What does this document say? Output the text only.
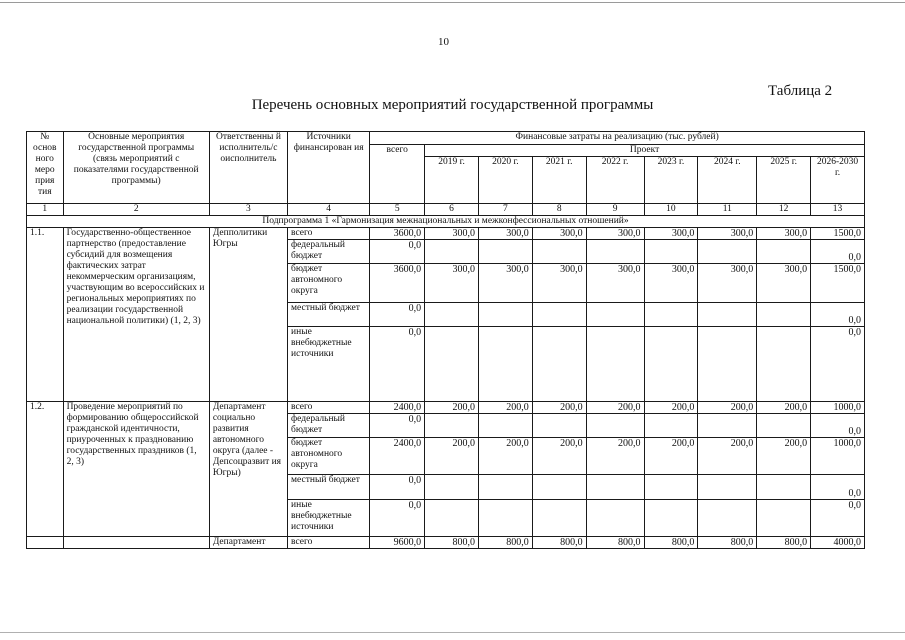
10
Таблица 2
Перечень основных мероприятий государственной программы
№ основ ного меро прия тия	Основные мероприятия государственной программы (связь мероприятий с показателями государственной программы)	Ответственны й исполнитель/с оисполнитель	Источники финансирован ия	Финансовые затраты на реализацию (тыс. рублей)								
				всего	Проект							
					2019 г.	2020 г.	2021 г.	2022 г.	2023 г.	2024 г.	2025 г.	2026-2030 г.
1	2	3	4	5	6	7	8	9	10	11	12	13
Подпрограмма 1 «Гармонизация межнациональных и межконфессиональных отношений»												
1.1.	Государственно-общественное партнерство (предоставление субсидий для возмещения фактических затрат некоммерческим организациям, участвующим во всероссийских и региональных мероприятиях по реализации государственной национальной политики) (1, 2, 3)	Депполитики Югры	всего	3600,0	300,0	300,0	300,0	300,0	300,0	300,0	300,0	1500,0
			федеральный бюджет	0,0								0,0
			бюджет автономного округа	3600,0	300,0	300,0	300,0	300,0	300,0	300,0	300,0	1500,0
			местный бюджет	0,0								0,0
			иные внебюджетные источники	0,0								0,0
1.2.	Проведение мероприятий по формированию общероссийской гражданской идентичности, приуроченных к празднованию государственных праздников (1, 2, 3)	Департамент социально развития автономного округа (далее -
Депсоцразвит ия Югры)	всего	2400,0	200,0	200,0	200,0	200,0	200,0	200,0	200,0	1000,0
			федеральный бюджет	0,0								0,0
			бюджет автономного округа	2400,0	200,0	200,0	200,0	200,0	200,0	200,0	200,0	1000,0
			местный бюджет	0,0								0,0
			иные внебюджетные источники	0,0								0,0
		Департамент	всего	9600,0	800,0	800,0	800,0	800,0	800,0	800,0	800,0	4000,0
